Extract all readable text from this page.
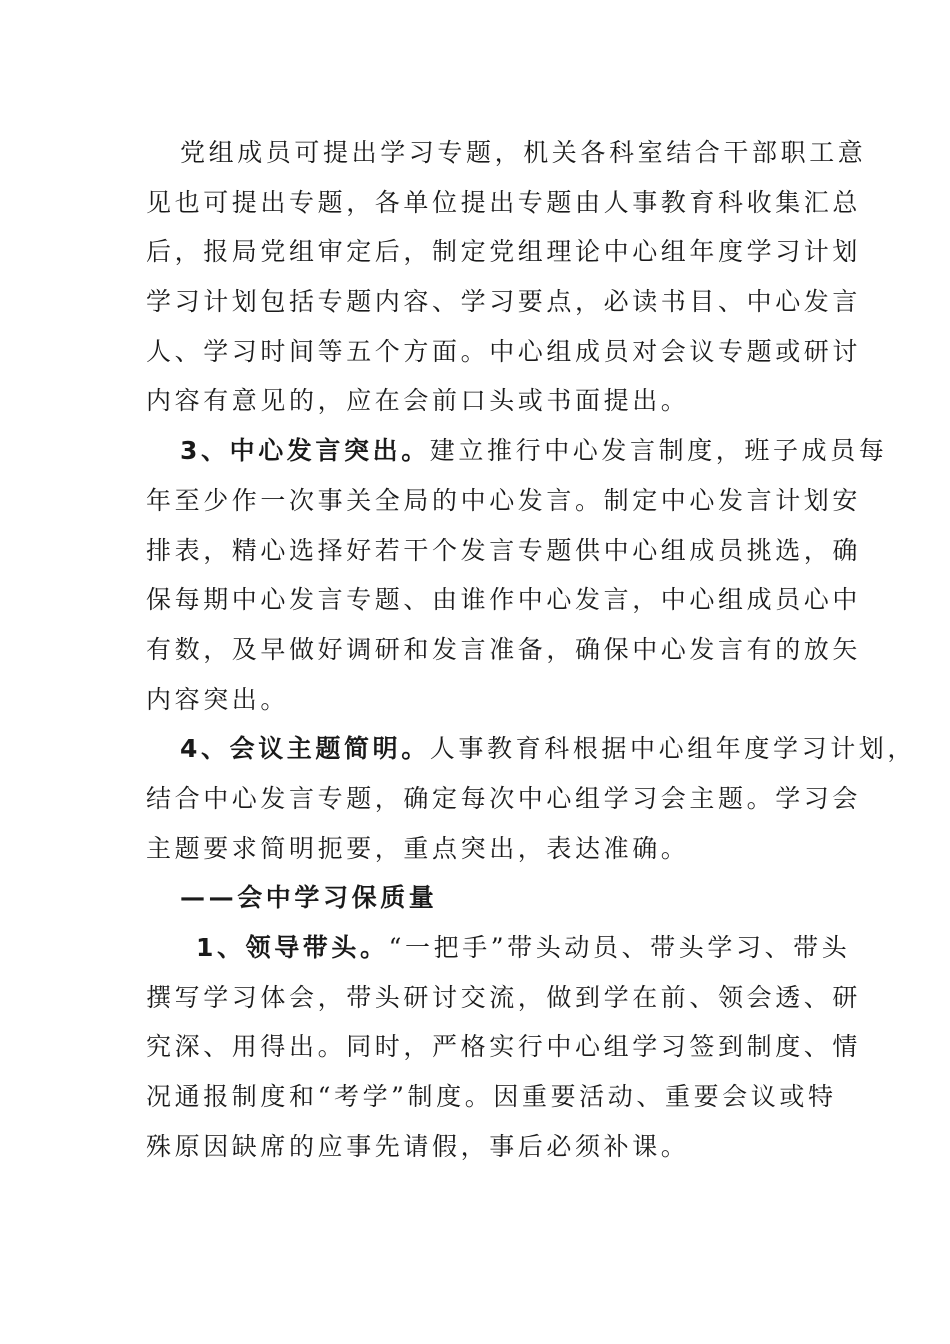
党组成员可提出学习专题，机关各科室结合干部职工意
见也可提出专题，各单位提出专题由人事教育科收集汇总
后，报局党组审定后，制定党组理论中心组年度学习计划
学习计划包括专题内容、学习要点，必读书目、中心发言
人、学习时间等五个方面。中心组成员对会议专题或研讨
内容有意见的，应在会前口头或书面提出。
3、中心发言突出。建立推行中心发言制度，班子成员每
年至少作一次事关全局的中心发言。制定中心发言计划安
排表，精心选择好若干个发言专题供中心组成员挑选，确
保每期中心发言专题、由谁作中心发言，中心组成员心中
有数，及早做好调研和发言准备，确保中心发言有的放矢
内容突出。
4、会议主题简明。人事教育科根据中心组年度学习计划，
结合中心发言专题，确定每次中心组学习会主题。学习会
主题要求简明扼要，重点突出，表达准确。
——会中学习保质量
1、领导带头。“一把手”带头动员、带头学习、带头
撰写学习体会，带头研讨交流，做到学在前、领会透、研
究深、用得出。同时，严格实行中心组学习签到制度、情
况通报制度和“考学”制度。因重要活动、重要会议或特
殊原因缺席的应事先请假，事后必须补课。
